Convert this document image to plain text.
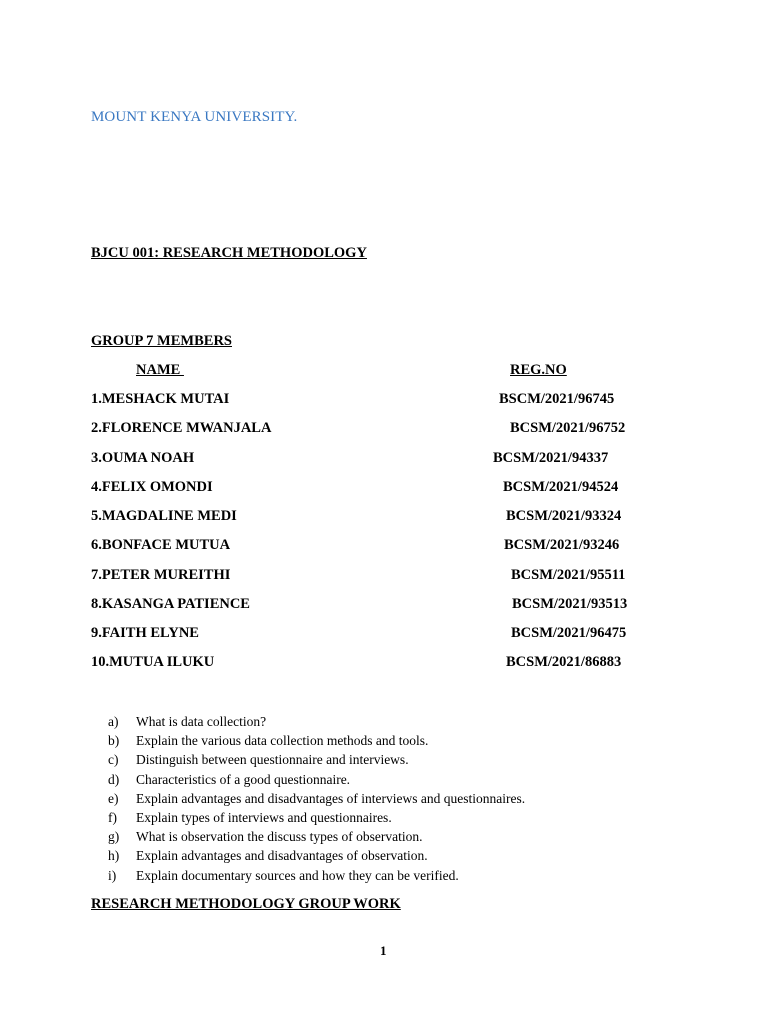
MOUNT KENYA UNIVERSITY.
BJCU 001: RESEARCH METHODOLOGY
GROUP 7 MEMBERS
NAME	REG.NO
1.MESHACK MUTAI	BSCM/2021/96745
2.FLORENCE MWANJALA	BCSM/2021/96752
3.OUMA NOAH	BCSM/2021/94337
4.FELIX OMONDI	BCSM/2021/94524
5.MAGDALINE MEDI	BCSM/2021/93324
6.BONFACE MUTUA	BCSM/2021/93246
7.PETER MUREITHI	BCSM/2021/95511
8.KASANGA PATIENCE	BCSM/2021/93513
9.FAITH ELYNE	BCSM/2021/96475
10.MUTUA ILUKU	BCSM/2021/86883
a) What is data collection?
b) Explain the various data collection methods and tools.
c) Distinguish between questionnaire and interviews.
d) Characteristics of a good questionnaire.
e) Explain advantages and disadvantages of interviews and questionnaires.
f) Explain types of interviews and questionnaires.
g) What is observation the discuss types of observation.
h) Explain advantages and disadvantages of observation.
i) Explain documentary sources and how they can be verified.
RESEARCH METHODOLOGY GROUP WORK
1
